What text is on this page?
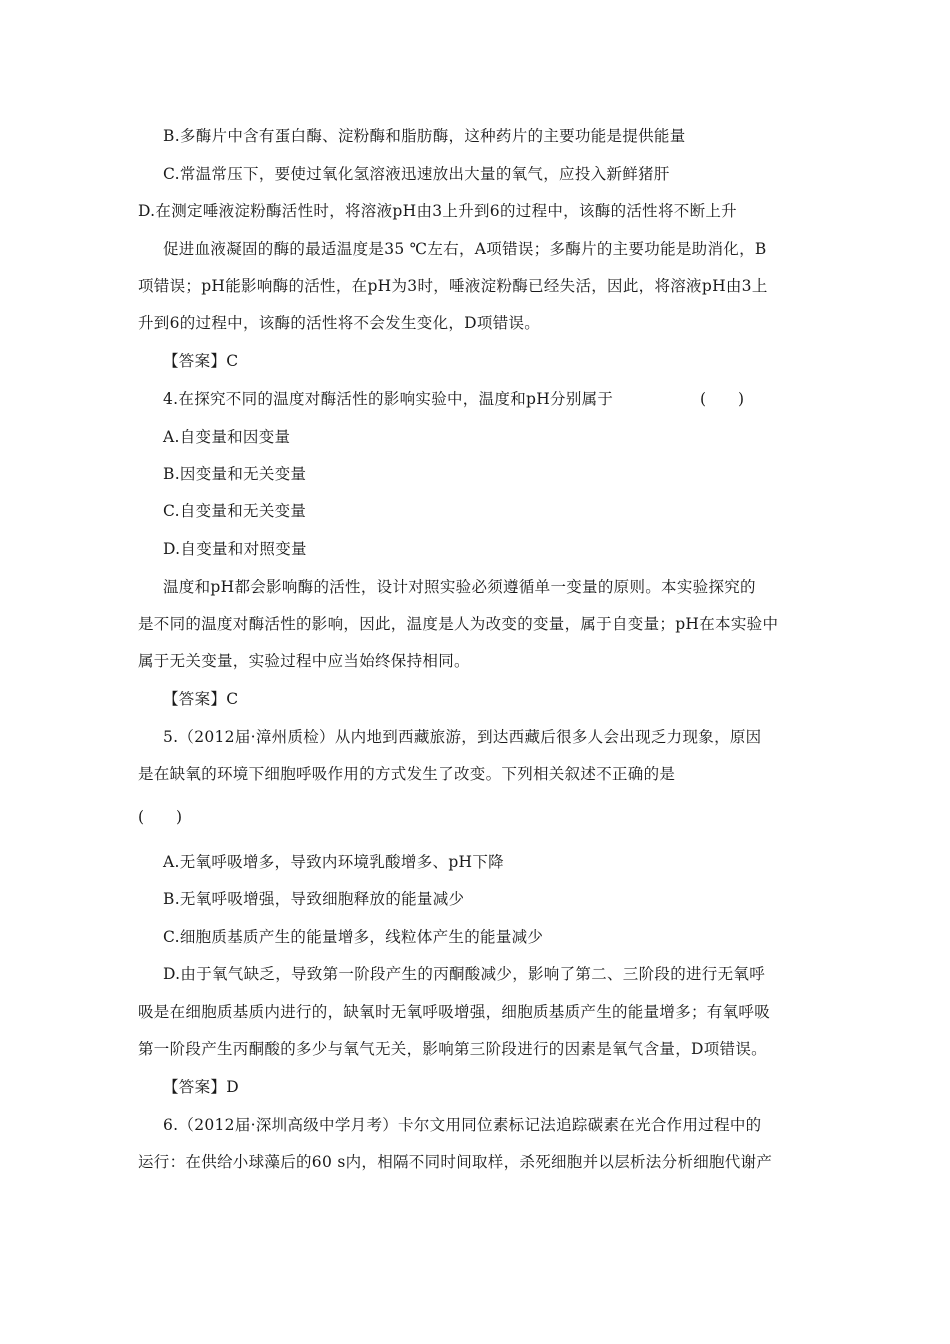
B.多酶片中含有蛋白酶、淀粉酶和脂肪酶，这种药片的主要功能是提供能量
C.常温常压下，要使过氧化氢溶液迅速放出大量的氧气，应投入新鲜猪肝
D.在测定唾液淀粉酶活性时，将溶液pH由3上升到6的过程中，该酶的活性将不断上升
促进血液凝固的酶的最适温度是35 ℃左右，A项错误；多酶片的主要功能是助消化，B
项错误；pH能影响酶的活性，在pH为3时，唾液淀粉酶已经失活，因此，将溶液pH由3上
升到6的过程中，该酶的活性将不会发生变化，D项错误。
【答案】C
4.在探究不同的温度对酶活性的影响实验中，温度和pH分别属于	(　　)
A.自变量和因变量
B.因变量和无关变量
C.自变量和无关变量
D.自变量和对照变量
温度和pH都会影响酶的活性，设计对照实验必须遵循单一变量的原则。本实验探究的
是不同的温度对酶活性的影响，因此，温度是人为改变的变量，属于自变量；pH在本实验中
属于无关变量，实验过程中应当始终保持相同。
【答案】C
5.（2012届·漳州质检）从内地到西藏旅游，到达西藏后很多人会出现乏力现象，原因
是在缺氧的环境下细胞呼吸作用的方式发生了改变。下列相关叙述不正确的是
(　　)
A.无氧呼吸增多，导致内环境乳酸增多、pH下降
B.无氧呼吸增强，导致细胞释放的能量减少
C.细胞质基质产生的能量增多，线粒体产生的能量减少
D.由于氧气缺乏，导致第一阶段产生的丙酮酸减少，影响了第二、三阶段的进行无氧呼
吸是在细胞质基质内进行的，缺氧时无氧呼吸增强，细胞质基质产生的能量增多；有氧呼吸
第一阶段产生丙酮酸的多少与氧气无关，影响第三阶段进行的因素是氧气含量，D项错误。
【答案】D
6.（2012届·深圳高级中学月考）卡尔文用同位素标记法追踪碳素在光合作用过程中的
运行：在供给小球藻后的60 s内，相隔不同时间取样，杀死细胞并以层析法分析细胞代谢产
